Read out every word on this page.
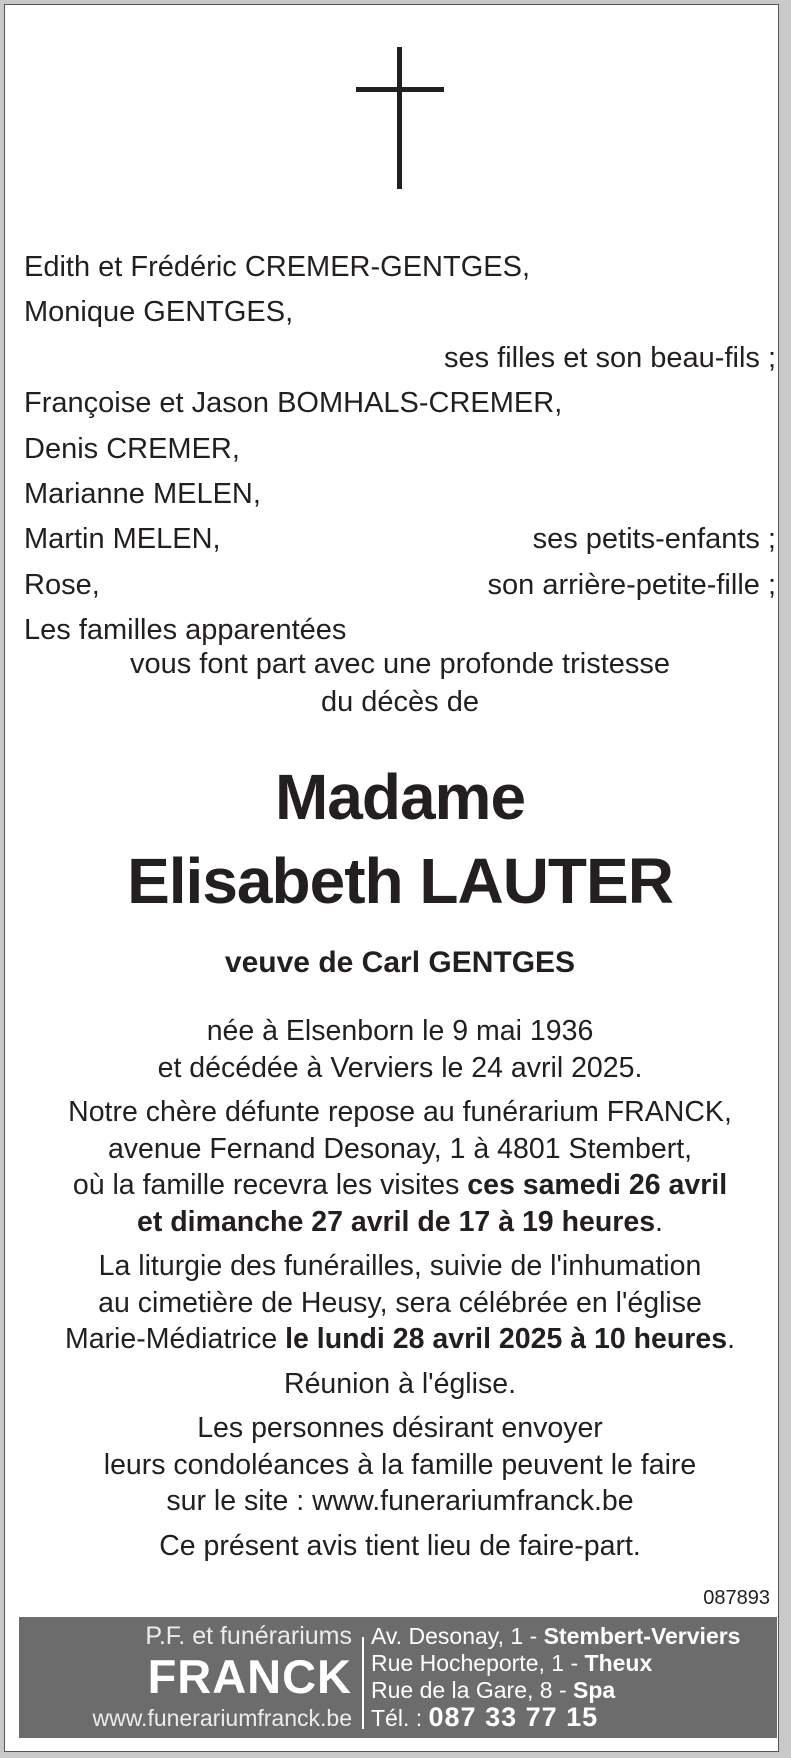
Edith et Frédéric CREMER-GENTGES,
Monique GENTGES,
ses filles et son beau-fils ;
Françoise et Jason BOMHALS-CREMER,
Denis CREMER,
Marianne MELEN,
Martin MELEN,	ses petits-enfants ;
Rose,	son arrière-petite-fille ;
Les familles apparentées
vous font part avec une profonde tristesse
du décès de
Madame
Elisabeth LAUTER
veuve de Carl GENTGES

née à Elsenborn le 9 mai 1936
et décédée à Verviers le 24 avril 2025.

Notre chère défunte repose au funérarium FRANCK,
avenue Fernand Desonay, 1 à 4801 Stembert,
où la famille recevra les visites ces samedi 26 avril
et dimanche 27 avril de 17 à 19 heures.

La liturgie des funérailles, suivie de l'inhumation
au cimetière de Heusy, sera célébrée en l'église
Marie-Médiatrice le lundi 28 avril 2025 à 10 heures.

Réunion à l'église.

Les personnes désirant envoyer
leurs condoléances à la famille peuvent le faire
sur le site : www.funerariumfranck.be

Ce présent avis tient lieu de faire-part.

087893
P.F. et funérariums
FRANCK
www.funerariumfranck.be
Av. Desonay, 1 - Stembert-Verviers
Rue Hocheporte, 1 - Theux
Rue de la Gare, 8 - Spa
Tél. : 087 33 77 15
